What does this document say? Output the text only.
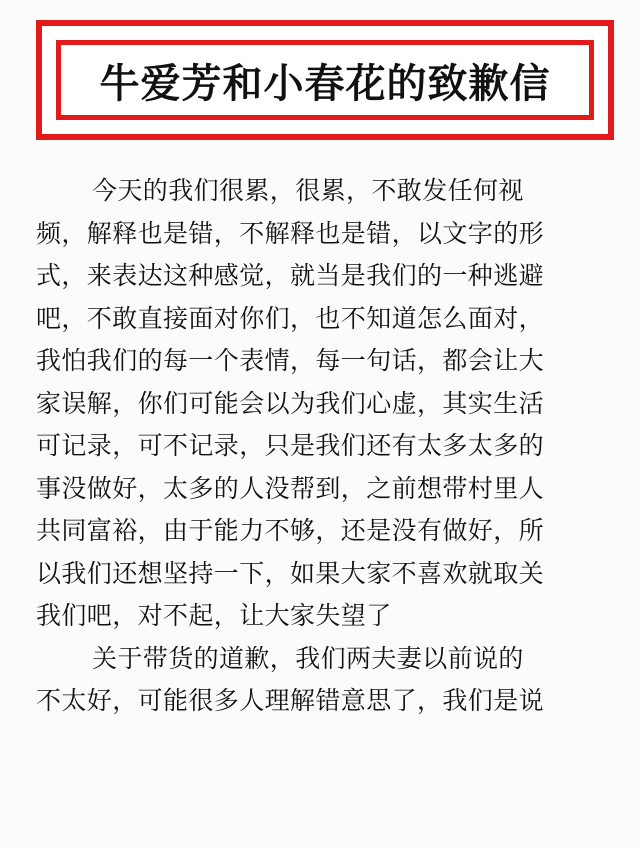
牛爱芳和小春花的致歉信
今天的我们很累，很累，不敢发任何视
频，解释也是错，不解释也是错，以文字的形
式，来表达这种感觉，就当是我们的一种逃避
吧，不敢直接面对你们，也不知道怎么面对，
我怕我们的每一个表情，每一句话，都会让大
家误解，你们可能会以为我们心虚，其实生活
可记录，可不记录，只是我们还有太多太多的
事没做好，太多的人没帮到，之前想带村里人
共同富裕，由于能力不够，还是没有做好，所
以我们还想坚持一下，如果大家不喜欢就取关
我们吧，对不起，让大家失望了
关于带货的道歉，我们两夫妻以前说的
不太好，可能很多人理解错意思了，我们是说
